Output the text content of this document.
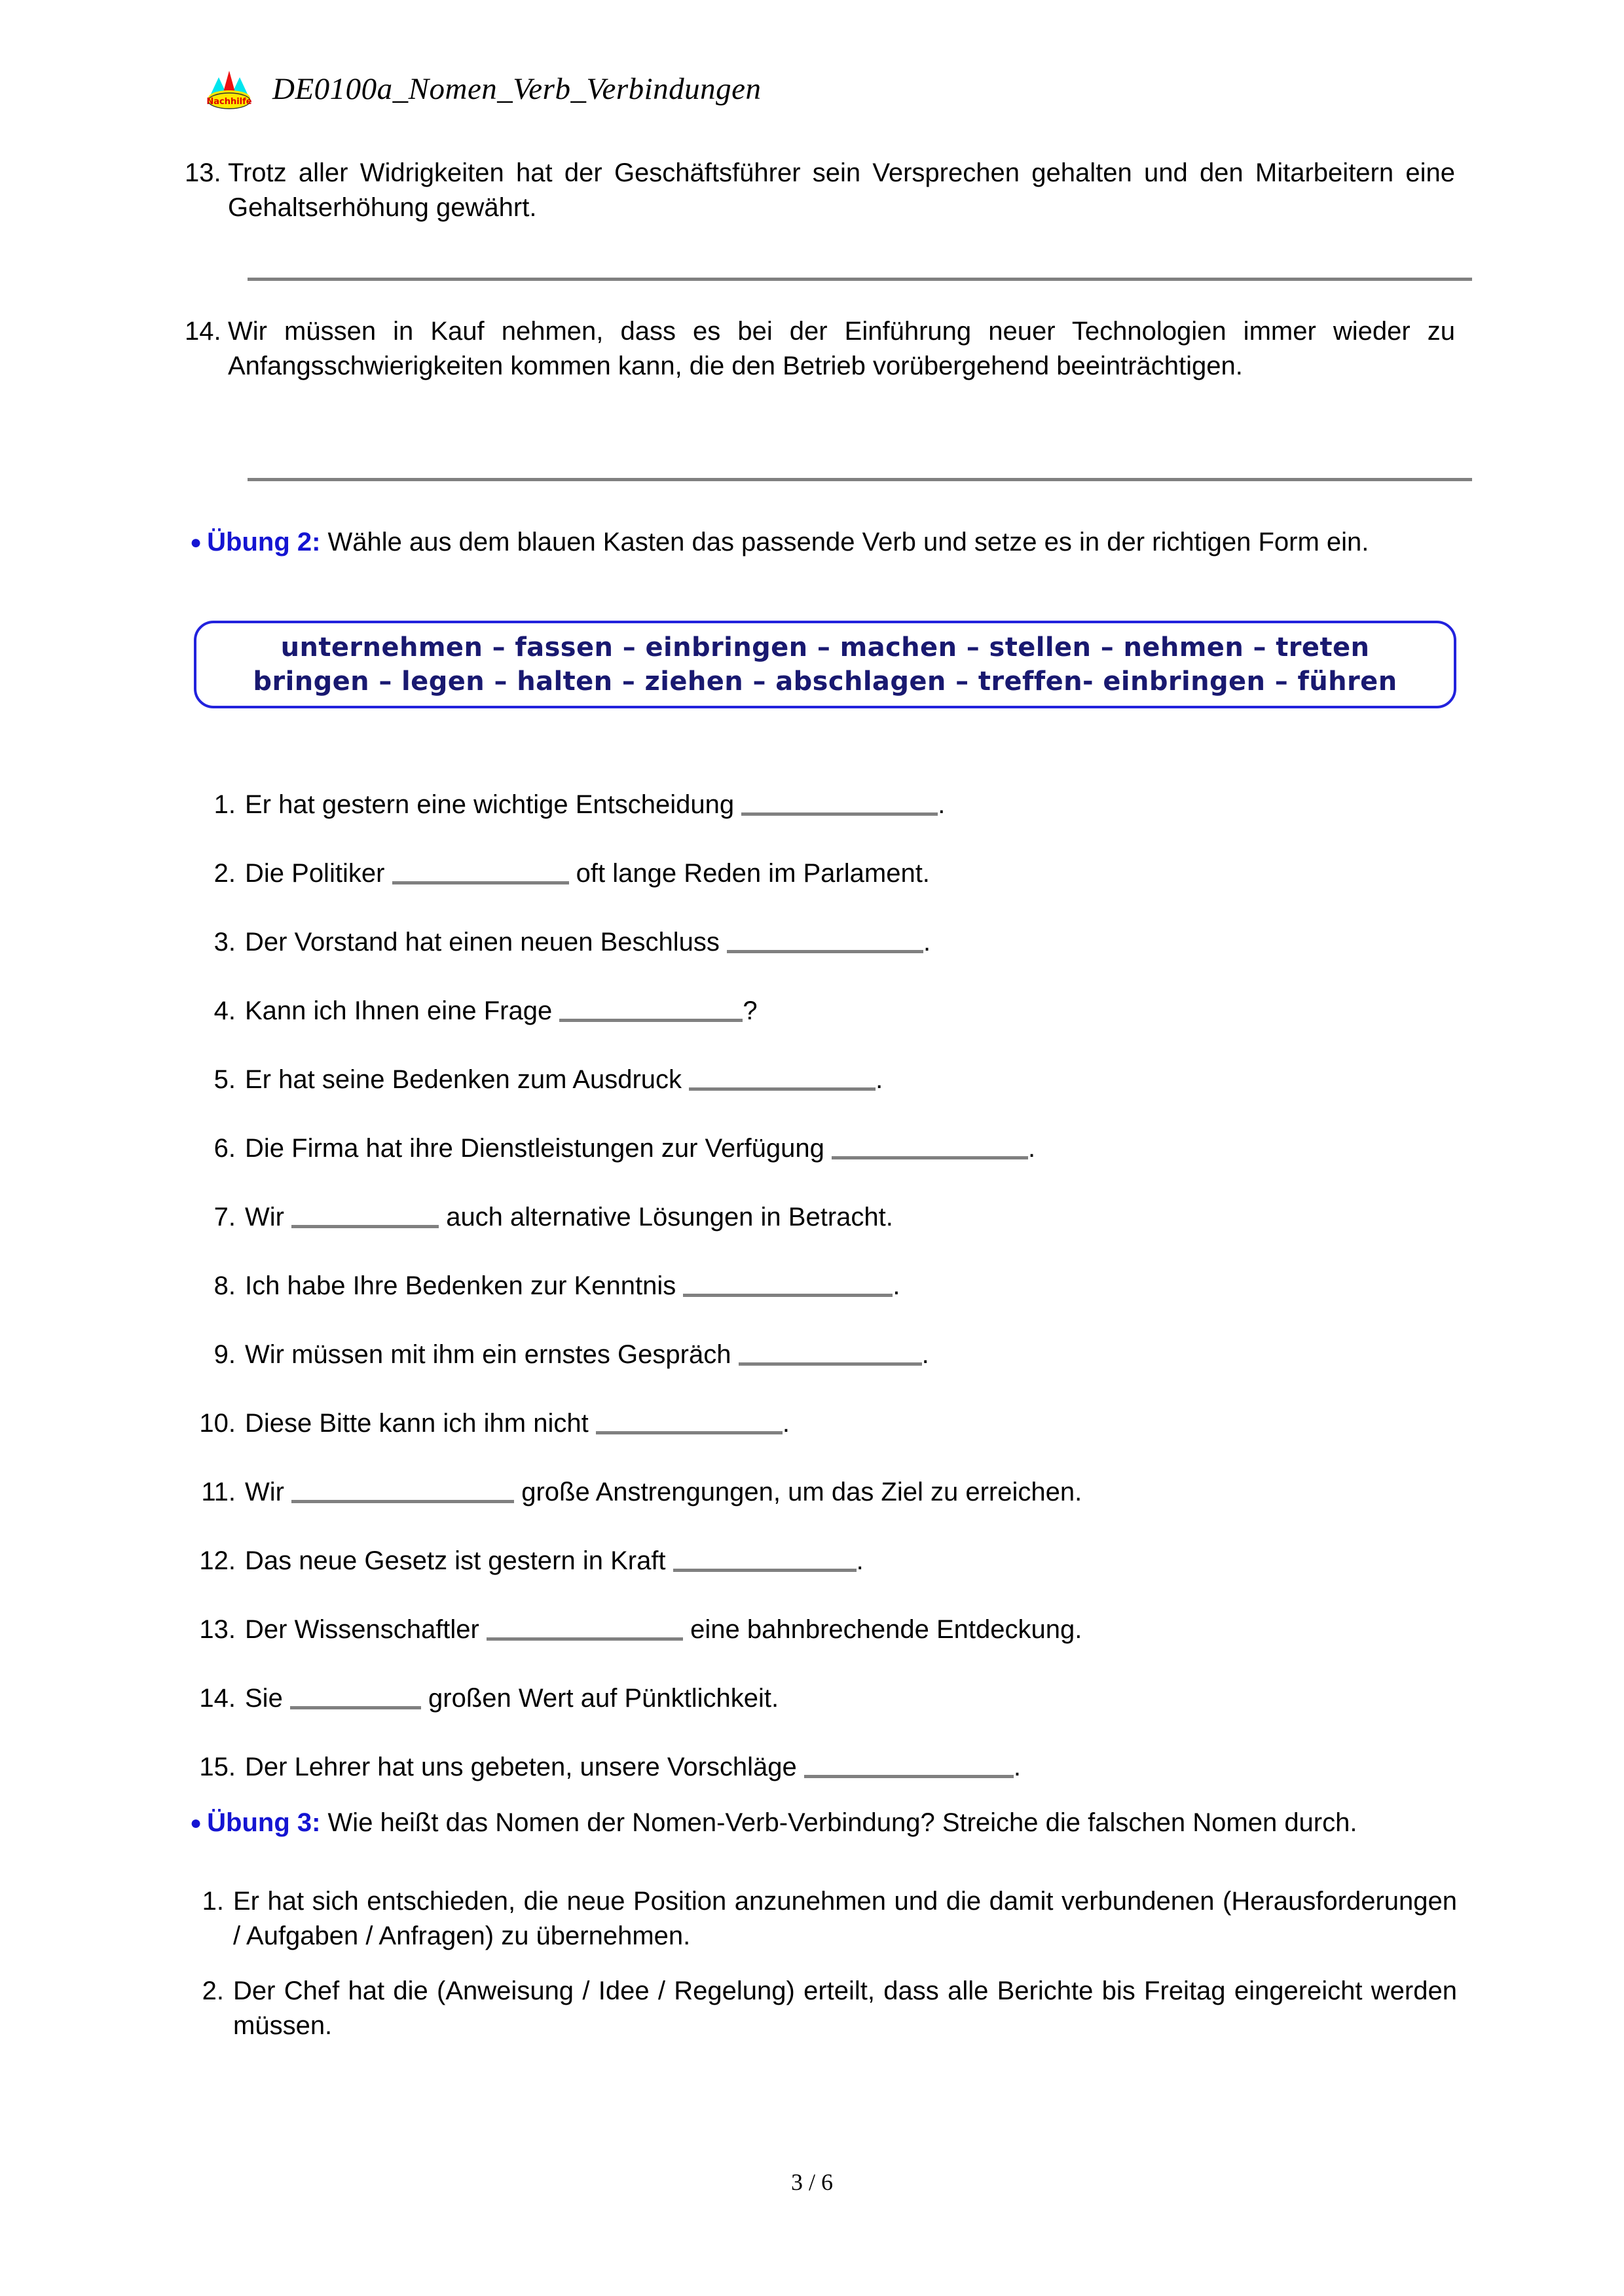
Nachhilfe DE0100a_Nomen_Verb_Verbindungen
13. Trotz aller Widrigkeiten hat der Geschäftsführer sein Versprechen gehalten und den Mitarbeitern eine Gehaltserhöhung gewährt.
14. Wir müssen in Kauf nehmen, dass es bei der Einführung neuer Technologien immer wieder zu Anfangsschwierigkeiten kommen kann, die den Betrieb vorübergehend beeinträchtigen.
● Übung 2: Wähle aus dem blauen Kasten das passende Verb und setze es in der richtigen Form ein.
unternehmen – fassen – einbringen – machen – stellen – nehmen – treten
bringen – legen – halten – ziehen – abschlagen – treffen- einbringen – führen
1. Er hat gestern eine wichtige Entscheidung	.
2. Die Politiker	oft lange Reden im Parlament.
3. Der Vorstand hat einen neuen Beschluss	.
4. Kann ich Ihnen eine Frage	?
5. Er hat seine Bedenken zum Ausdruck	.
6. Die Firma hat ihre Dienstleistungen zur Verfügung	.
7. Wir	auch alternative Lösungen in Betracht.
8. Ich habe Ihre Bedenken zur Kenntnis	.
9. Wir müssen mit ihm ein ernstes Gespräch	.
10. Diese Bitte kann ich ihm nicht	.
11. Wir	große Anstrengungen, um das Ziel zu erreichen.
12. Das neue Gesetz ist gestern in Kraft	.
13. Der Wissenschaftler	eine bahnbrechende Entdeckung.
14. Sie	großen Wert auf Pünktlichkeit.
15. Der Lehrer hat uns gebeten, unsere Vorschläge	.
● Übung 3: Wie heißt das Nomen der Nomen-Verb-Verbindung? Streiche die falschen Nomen durch.
1. Er hat sich entschieden, die neue Position anzunehmen und die damit verbundenen (Herausforderungen / Aufgaben / Anfragen) zu übernehmen.
2. Der Chef hat die (Anweisung / Idee / Regelung) erteilt, dass alle Berichte bis Freitag eingereicht werden müssen.
3 / 6
